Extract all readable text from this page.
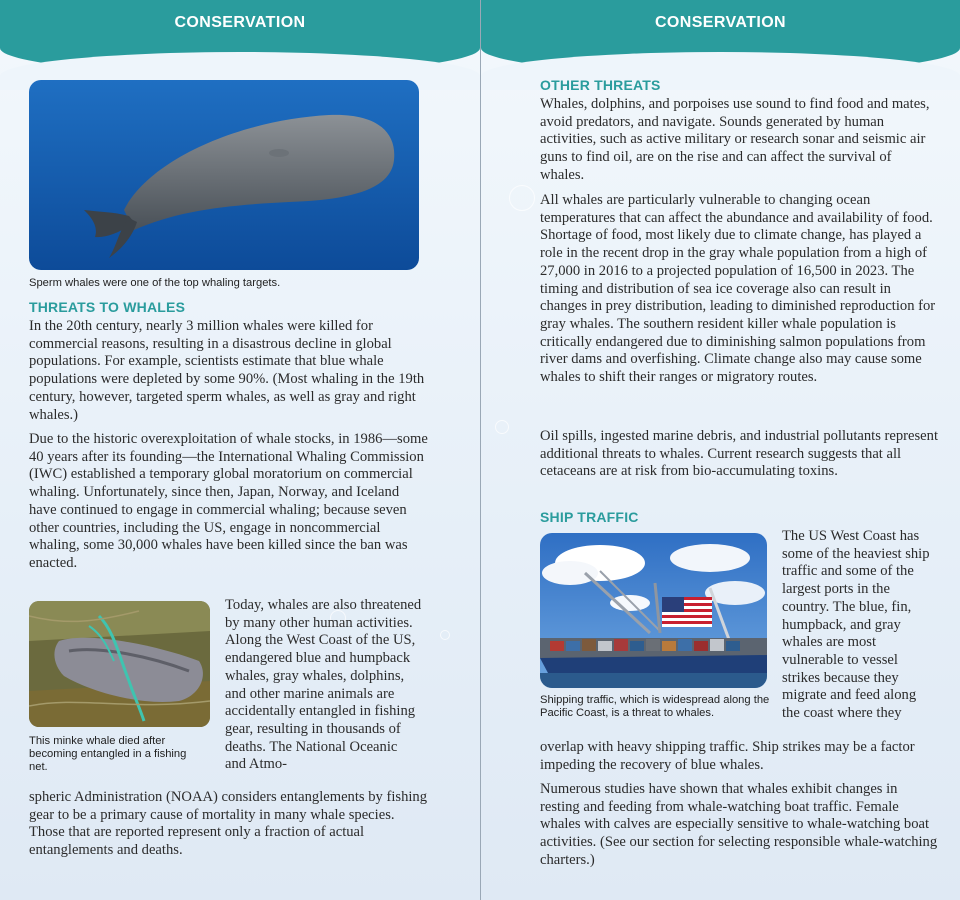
CONSERVATION
Sperm whales were one of the top whaling targets.
THREATS TO WHALES
In the 20th century, nearly 3 million whales were killed for commercial reasons, resulting in a disastrous decline in global populations. For example, scientists estimate that blue whale populations were depleted by some 90%. (Most whaling in the 19th century, however, targeted sperm whales, as well as gray and right whales.)
Due to the historic overexploitation of whale stocks, in 1986—some 40 years after its founding—the International Whaling Commission (IWC) established a temporary global moratorium on commercial whaling. Unfortunately, since then, Japan, Norway, and Iceland have continued to engage in commercial whaling; because seven other countries, including the US, engage in noncommercial whaling, some 30,000 whales have been killed since the ban was enacted.
This minke whale died after becoming entangled in a fishing net.
Today, whales are also threatened by many other human activities. Along the West Coast of the US, endangered blue and humpback whales, gray whales, dolphins, and other marine animals are accidentally entangled in fishing gear, resulting in thousands of deaths. The National Oceanic and Atmo-
spheric Administration (NOAA) considers entanglements by fishing gear to be a primary cause of mortality in many whale species. Those that are reported represent only a fraction of actual entanglements and deaths.
CONSERVATION
OTHER THREATS
Whales, dolphins, and porpoises use sound to find food and mates, avoid predators, and navigate. Sounds generated by human activities, such as active military or research sonar and seismic air guns to find oil, are on the rise and can affect the survival of whales.
All whales are particularly vulnerable to changing ocean temperatures that can affect the abundance and availability of food. Shortage of food, most likely due to climate change, has played a role in the recent drop in the gray whale population from a high of 27,000 in 2016 to a projected population of 16,500 in 2023. The timing and distribution of sea ice coverage also can result in changes in prey distribution, leading to diminished reproduction for gray whales. The southern resident killer whale population is critically endangered due to diminishing salmon populations from river dams and overfishing. Climate change also may cause some whales to shift their ranges or migratory routes.
Oil spills, ingested marine debris, and industrial pollutants represent additional threats to whales. Current research suggests that all cetaceans are at risk from bio-accumulating toxins.
SHIP TRAFFIC
Shipping traffic, which is widespread along the Pacific Coast, is a threat to whales.
The US West Coast has some of the heaviest ship traffic and some of the largest ports in the country. The blue, fin, humpback, and gray whales are most vulnerable to vessel strikes because they migrate and feed along the coast where they
overlap with heavy shipping traffic. Ship strikes may be a factor impeding the recovery of blue whales.
Numerous studies have shown that whales exhibit changes in resting and feeding from whale-watching boat traffic. Female whales with calves are especially sensitive to whale-watching boat activities. (See our section for selecting responsible whale-watching charters.)
